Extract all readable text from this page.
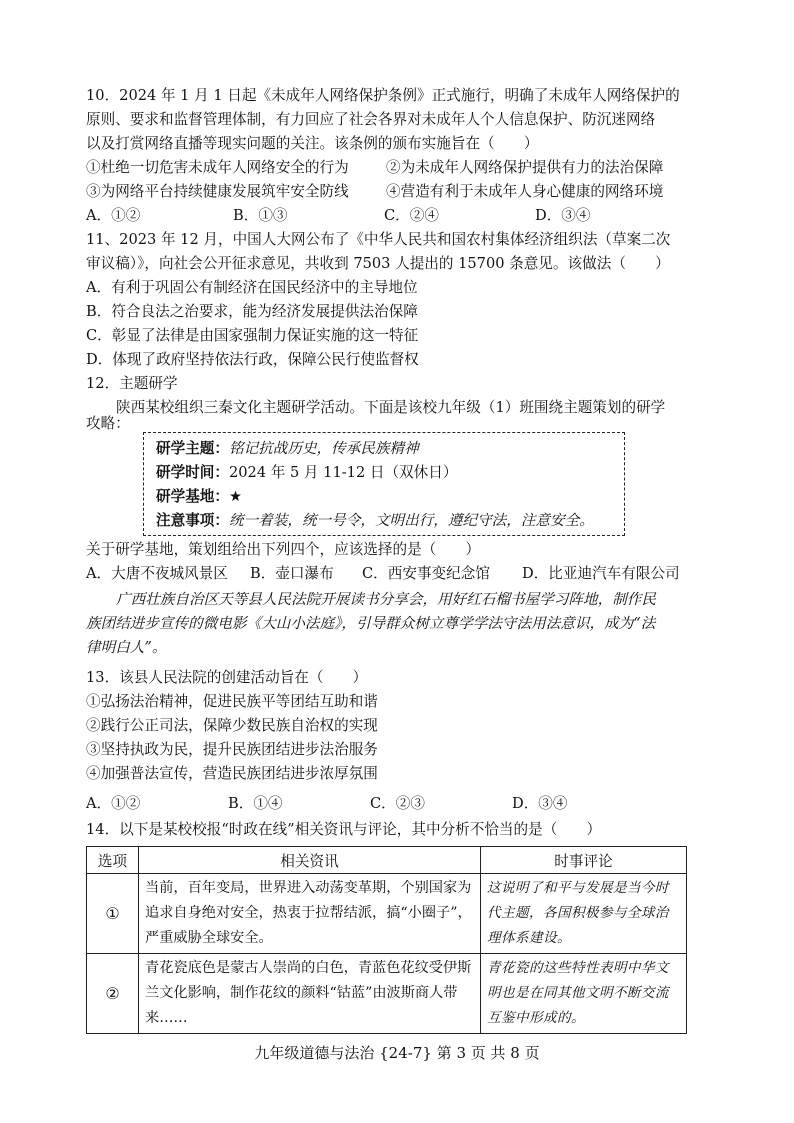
10．2024 年 1 月 1 日起《未成年人网络保护条例》正式施行，明确了未成年人网络保护的
原则、要求和监督管理体制，有力回应了社会各界对未成年人个人信息保护、防沉迷网络
以及打赏网络直播等现实问题的关注。该条例的颁布实施旨在（　　）
①杜绝一切危害未成年人网络安全的行为	②为未成年人网络保护提供有力的法治保障
③为网络平台持续健康发展筑牢安全防线	④营造有利于未成年人身心健康的网络环境
A．①②	B．①③	C．②④	D．③④
11、2023 年 12 月，中国人大网公布了《中华人民共和国农村集体经济组织法（草案二次
审议稿）》，向社会公开征求意见，共收到 7503 人提出的 15700 条意见。该做法（　　）
A．有利于巩固公有制经济在国民经济中的主导地位
B．符合良法之治要求，能为经济发展提供法治保障
C．彰显了法律是由国家强制力保证实施的这一特征
D．体现了政府坚持依法行政，保障公民行使监督权
12．主题研学
陕西某校组织三秦文化主题研学活动。下面是该校九年级（1）班围绕主题策划的研学
攻略：
研学主题：铭记抗战历史，传承民族精神
研学时间：2024 年 5 月 11-12 日（双休日）
研学基地：★
注意事项：统一着装，统一号令，文明出行，遵纪守法，注意安全。
关于研学基地，策划组给出下列四个，应该选择的是（　　）
A．大唐不夜城风景区 B．壶口瀑布 C．西安事变纪念馆 D．比亚迪汽车有限公司
广西壮族自治区天等县人民法院开展读书分享会，用好红石榴书屋学习阵地，制作民
族团结进步宣传的微电影《大山小法庭》，引导群众树立尊学学法守法用法意识，成为“法
律明白人”。
13．该县人民法院的创建活动旨在（　　）
①弘扬法治精神，促进民族平等团结互助和谐
②践行公正司法，保障少数民族自治权的实现
③坚持执政为民，提升民族团结进步法治服务
④加强普法宣传，营造民族团结进步浓厚氛围
A．①②	B．①④	C．②③	D．③④
14．以下是某校校报“时政在线”相关资讯与评论，其中分析不恰当的是（　　）
选项	相关资讯	时事评论
①	当前，百年变局，世界进入动荡变革期，个别国家为追求自身绝对安全，热衷于拉帮结派，搞“小圈子”，严重威胁全球安全。	这说明了和平与发展是当今时代主题，各国积极参与全球治理体系建设。
②	青花瓷底色是蒙古人崇尚的白色，青蓝色花纹受伊斯兰文化影响，制作花纹的颜料“钴蓝”由波斯商人带来……	青花瓷的这些特性表明中华文明也是在同其他文明不断交流互鉴中形成的。
九年级道德与法治 {24-7} 第 3 页 共 8 页
